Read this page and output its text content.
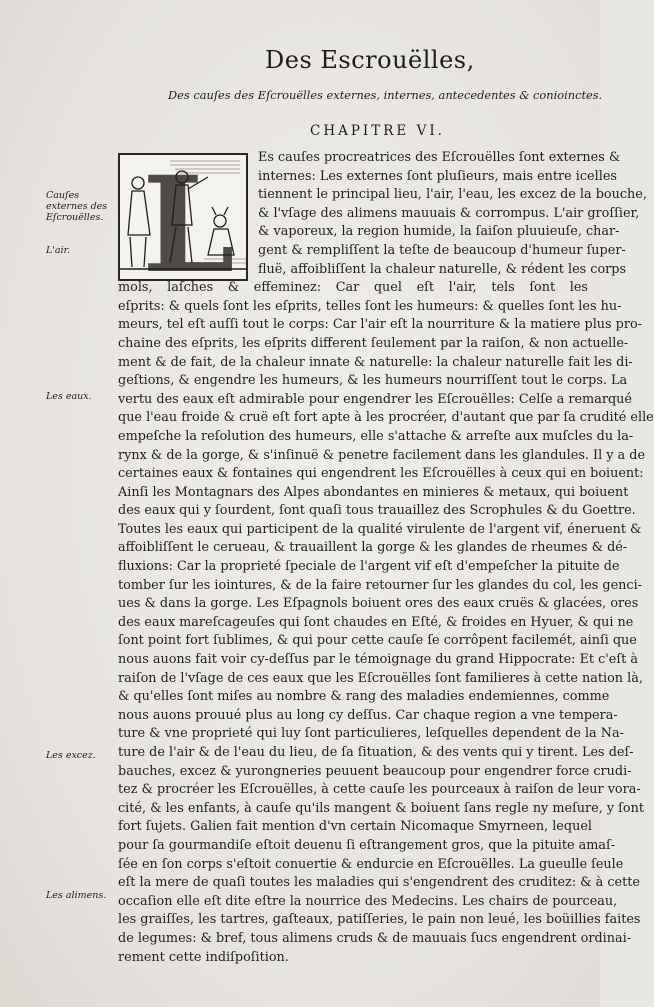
Des Escrouëlles,
Des cauſes des Eſcrouëlles externes, internes, antecedentes & conioinctes.
CHAPITRE VI.
Cauſes externes des Eſcrouëlles.
L'air.
Les eaux.
Les excez.
Les alimens.
L	Es cauſes procreatrices des Eſcrouëlles ſont externes &
internes: Les externes ſont pluſieurs, mais entre icelles
tiennent le principal lieu, l'air, l'eau, les excez de la bouche,
& l'vſage des alimens mauuais & corrompus. L'air groſſier,
& vaporeux, la region humide, la ſaiſon pluuieuſe, char-
gent & rempliſſent la teſte de beaucoup d'humeur ſuper-
fluë, affoibliſſent la chaleur naturelle, & rédent les corps
mols, laſches & effeminez: Car quel eſt l'air, tels ſont les
eſprits: & quels ſont les eſprits, telles ſont les humeurs: & quelles ſont les hu-
meurs, tel eſt auſſi tout le corps: Car l'air eſt la nourriture & la matiere plus pro-
chaine des eſprits, les eſprits different ſeulement par la raiſon, & non actuelle-
ment & de fait, de la chaleur innate & naturelle: la chaleur naturelle fait les di-
geſtions, & engendre les humeurs, & les humeurs nourriſſent tout le corps. La
vertu des eaux eſt admirable pour engendrer les Eſcrouëlles: Celſe a remarqué
que l'eau froide & cruë eſt fort apte à les procréer, d'autant que par ſa crudité elle
empeſche la reſolution des humeurs, elle s'attache & arreſte aux muſcles du la-
rynx & de la gorge, & s'inſinuë & penetre facilement dans les glandules. Il y a de
certaines eaux & fontaines qui engendrent les Eſcrouëlles à ceux qui en boiuent:
Ainſi les Montagnars des Alpes abondantes en minieres & metaux, qui boiuent
des eaux qui y ſourdent, ſont quaſi tous trauaillez des Scrophules & du Goettre.
Toutes les eaux qui participent de la qualité virulente de l'argent vif, éneruent &
affoibliſſent le cerueau, & trauaillent la gorge & les glandes de rheumes & dé-
fluxions: Car la proprieté ſpeciale de l'argent vif eſt d'empeſcher la pituite de
tomber ſur les iointures, & de la faire retourner ſur les glandes du col, les genci-
ues & dans la gorge. Les Eſpagnols boiuent ores des eaux cruës & glacées, ores
des eaux mareſcageuſes qui ſont chaudes en Eſté, & froides en Hyuer, & qui ne
ſont point fort ſublimes, & qui pour cette cauſe ſe corrôpent facilemét, ainſi que
nous auons fait voir cy-deſſus par le témoignage du grand Hippocrate: Et c'eſt à
raiſon de l'vſage de ces eaux que les Eſcrouëlles ſont familieres à cette nation là,
& qu'elles ſont miſes au nombre & rang des maladies endemiennes, comme
nous auons prouué plus au long cy deſſus. Car chaque region a vne tempera-
ture & vne proprieté qui luy ſont particulieres, leſquelles dependent de la Na-
ture de l'air & de l'eau du lieu, de ſa ſituation, & des vents qui y tirent. Les deſ-
bauches, excez & yurongneries peuuent beaucoup pour engendrer force crudi-
tez & procréer les Eſcrouëlles, à cette cauſe les pourceaux à raiſon de leur vora-
cité, & les enfants, à cauſe qu'ils mangent & boiuent ſans regle ny meſure, y ſont
fort ſujets. Galien fait mention d'vn certain Nicomaque Smyrneen, lequel
pour ſa gourmandiſe eſtoit deuenu ſi eſtrangement gros, que la pituite amaſ-
ſée en ſon corps s'eſtoit conuertie & endurcie en Eſcrouëlles. La gueulle ſeule
eſt la mere de quaſi toutes les maladies qui s'engendrent des cruditez: & à cette
occaſion elle eſt dite eſtre la nourrice des Medecins. Les chairs de pourceau,
les graiſſes, les tartres, gaſteaux, patiſſeries, le pain non leué, les boüillies faites
de legumes: & bref, tous alimens cruds & de mauuais ſucs engendrent ordinai-
rement cette indiſpoſition.
